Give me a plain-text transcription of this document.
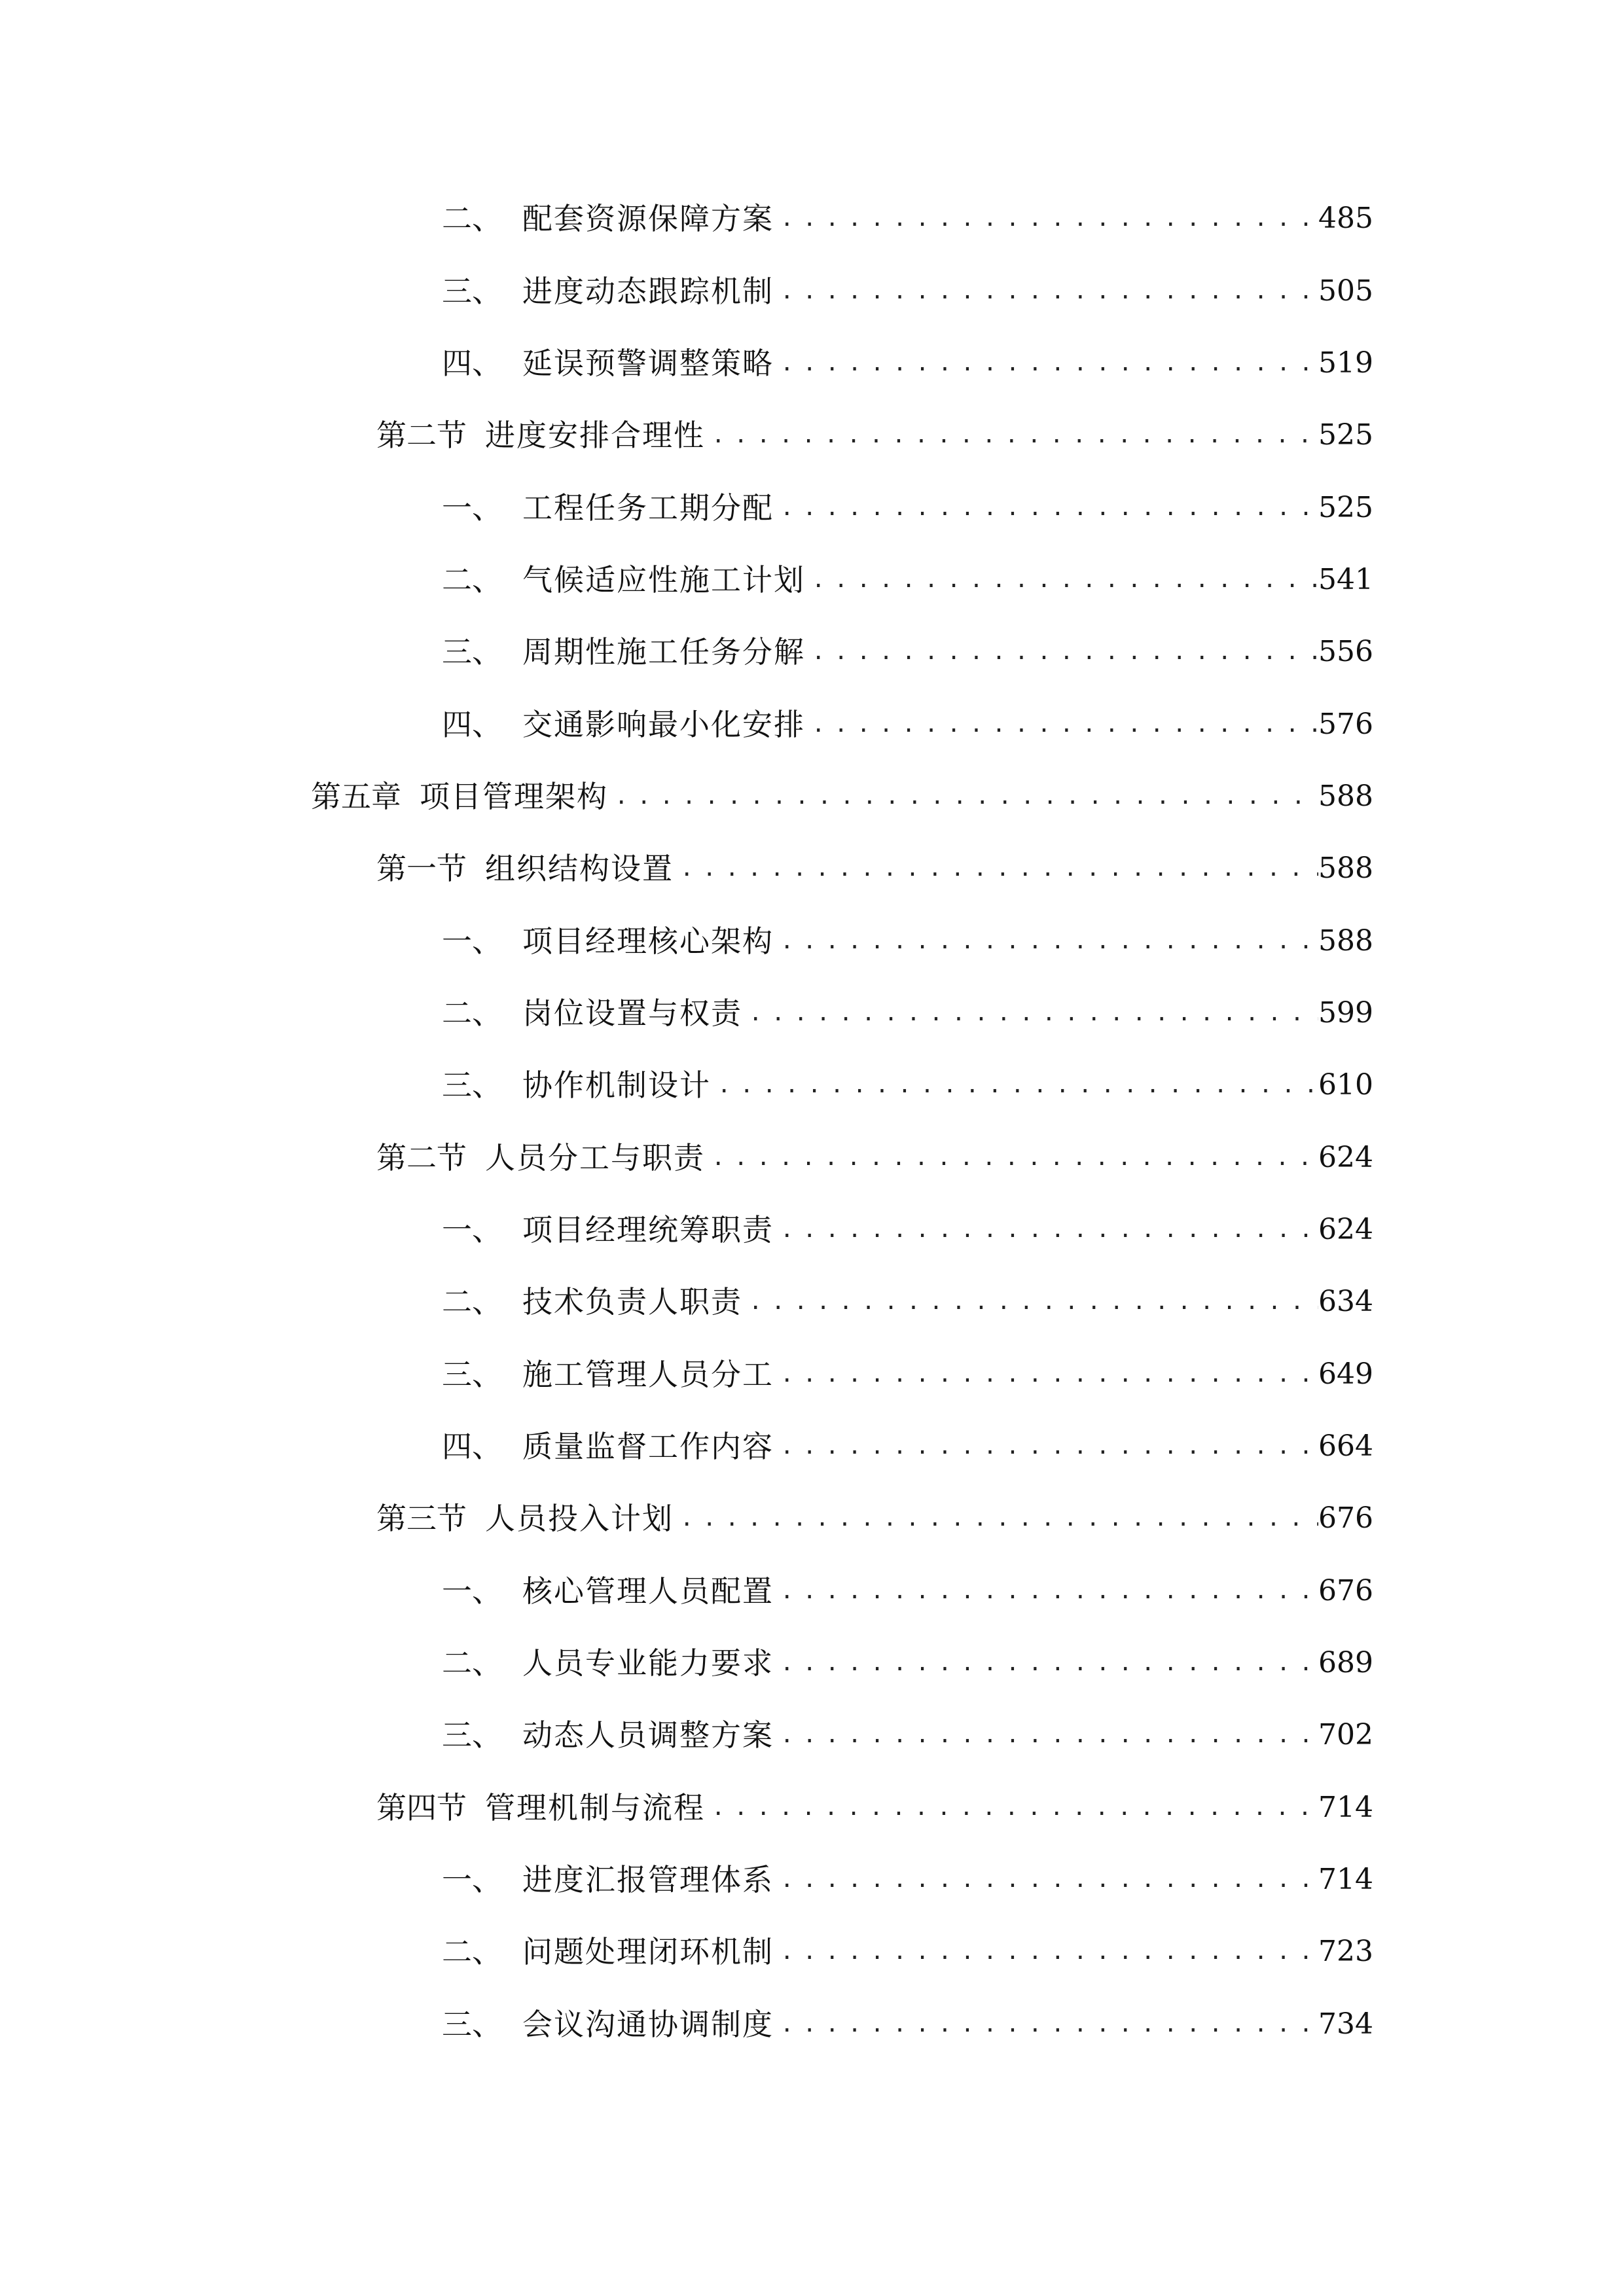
二、 配套资源保障方案 .....	485
三、 进度动态跟踪机制 .....	505
四、 延误预警调整策略 .....	519
第二节 进度安排合理性 .....	525
一、 工程任务工期分配 .....	525
二、 气候适应性施工计划 .....	541
三、 周期性施工任务分解 .....	556
四、 交通影响最小化安排 .....	576
第五章 项目管理架构 .....	588
第一节 组织结构设置 .....	588
一、 项目经理核心架构 .....	588
二、 岗位设置与权责 .....	599
三、 协作机制设计 .....	610
第二节 人员分工与职责 .....	624
一、 项目经理统筹职责 .....	624
二、 技术负责人职责 .....	634
三、 施工管理人员分工 .....	649
四、 质量监督工作内容 .....	664
第三节 人员投入计划 .....	676
一、 核心管理人员配置 .....	676
二、 人员专业能力要求 .....	689
三、 动态人员调整方案 .....	702
第四节 管理机制与流程 .....	714
一、 进度汇报管理体系 .....	714
二、 问题处理闭环机制 .....	723
三、 会议沟通协调制度 .....	734
